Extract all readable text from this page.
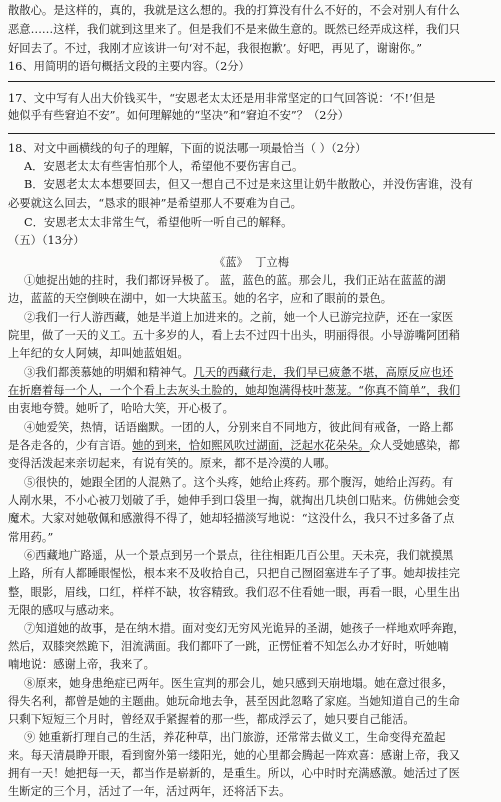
散散心。是这样的，真的，我就是这么想的。我的打算没有什么不好的，不会对别人有什么
恶意……这样，我们就到这里来了。但是我们不是来做生意的。既然已经弄成这样，我们只
好回去了。不过，我刚才应该讲一句‘对不起，我很抱歉’。好吧，再见了，谢谢你。”
16、用简明的语句概括文段的主要内容。（2分）
17、文中写有人出大价钱买牛，“安恩老太太还是用非常坚定的口气回答说：‘不!’但是
她似乎有些窘迫不安”。如何理解她的“坚决”和“窘迫不安”？（2分）
18、对文中画横线的句子的理解，下面的说法哪一项最恰当（ ）（2分）
A．安恩老太太有些害怕那个人，希望他不要伤害自己。
B．安恩老太太本想要回去，但又一想自己不过是来这里让奶牛散散心，并没伤害谁，没有
必要就这么回去，“恳求的眼神”是希望那人不要难为自己。
C．安恩老太太非常生气，希望他听一听自己的解释。
（五）（13分）
《蓝》 丁立梅
①她捉出她的拄时，我们都讶异极了。 蓝，蓝色的蓝。那会儿，我们正站在蓝蓝的湖
边，蓝蓝的天空倒映在湖中，如一大块蓝玉。她的名字，应和了眼前的景色。
②我们一行人游西藏，她是半道上加进来的。之前，她一个人已游完拉萨，还在一家医
院里，做了一天的义工。五十多岁的人，看上去不过四十出头，明丽得很。小导游嘴阿团稍
上年纪的女人阿姨，却叫她蓝姐姐。
③我们都羡慕她的明媚和精神气。几天的西藏行走，我们早已疲惫不堪，高原反应也还
在折磨着每一个人，一个个看上去灰头土脸的，她却饱满得枝叶葱茏。“你真不简单”，我们
由衷地夸赞。她听了，哈哈大笑，开心极了。
④她爱笑，热情，话语幽默。一团的人，分别来自不同地方，彼此间有戒备，一路上都
是各走各的，少有言语。她的到来，恰如熙风吹过湖面，泛起水花朵朵。众人受她感染，都
变得活泼起来亲切起来，有说有笑的。原来，都不是冷漠的人哪。
⑤很快的，她跟全团的人混熟了。这个头疼，她给止疼药。那个腹泻，她给止泻药。有
人剐水果，不小心被刀划破了手，她伸手到口袋里一掏，就掏出几块创口贴来。仿佛她会变
魔术。大家对她敬佩和感激得不得了，她却轻描淡写地说：“这没什么，我只不过多备了点
常用药。”
⑥西藏地广路遥，从一个景点到另一个景点，往往相距几百公里。天未亮，我们就摸黑
上路，所有人都睡眼惺忪，根本来不及收拾自己，只把自己囫囵塞进车子了事。她却拔挂完
整，眼影，眉线，口红，样样不缺，妆容精致。我们忍不住看她一眼，再看一眼，心里生出
无限的感叹与感动来。
⑦知道她的故事，是在纳木措。面对变幻无穷风光诡异的圣湖，她孩子一样地欢呼奔跑，
然后，双膝突然跪下，泪流满面。我们都吓了一跳，正愣怔着不知怎么办才好时，听她喃
喃地说：感谢上帝，我来了。
⑧原来，她身患绝症已两年。医生宣判的那会儿，她只感到天崩地塌。她在意过很多，
得失名利，都曾是她的主题曲。她玩命地去争，甚至因此忽略了家庭。当她知道自己的生命
只剩下短短三个月时，曾经双手紧握着的那一些，都成浮云了，她只要自己能活。
⑨ 她重新打理自己的生活，养花种草，出门旅游，还常常去做义工，生命变得充盈起
来。每天清晨睁开眼，看到窗外第一缕阳光，她的心里都会腾起一阵欢喜：感谢上帝，我又
拥有一天！她把每一天，都当作是崭新的，是重生。所以，心中时时充满感激。她活过了医
生断定的三个月，活过了一年，活过两年，还将活下去。
